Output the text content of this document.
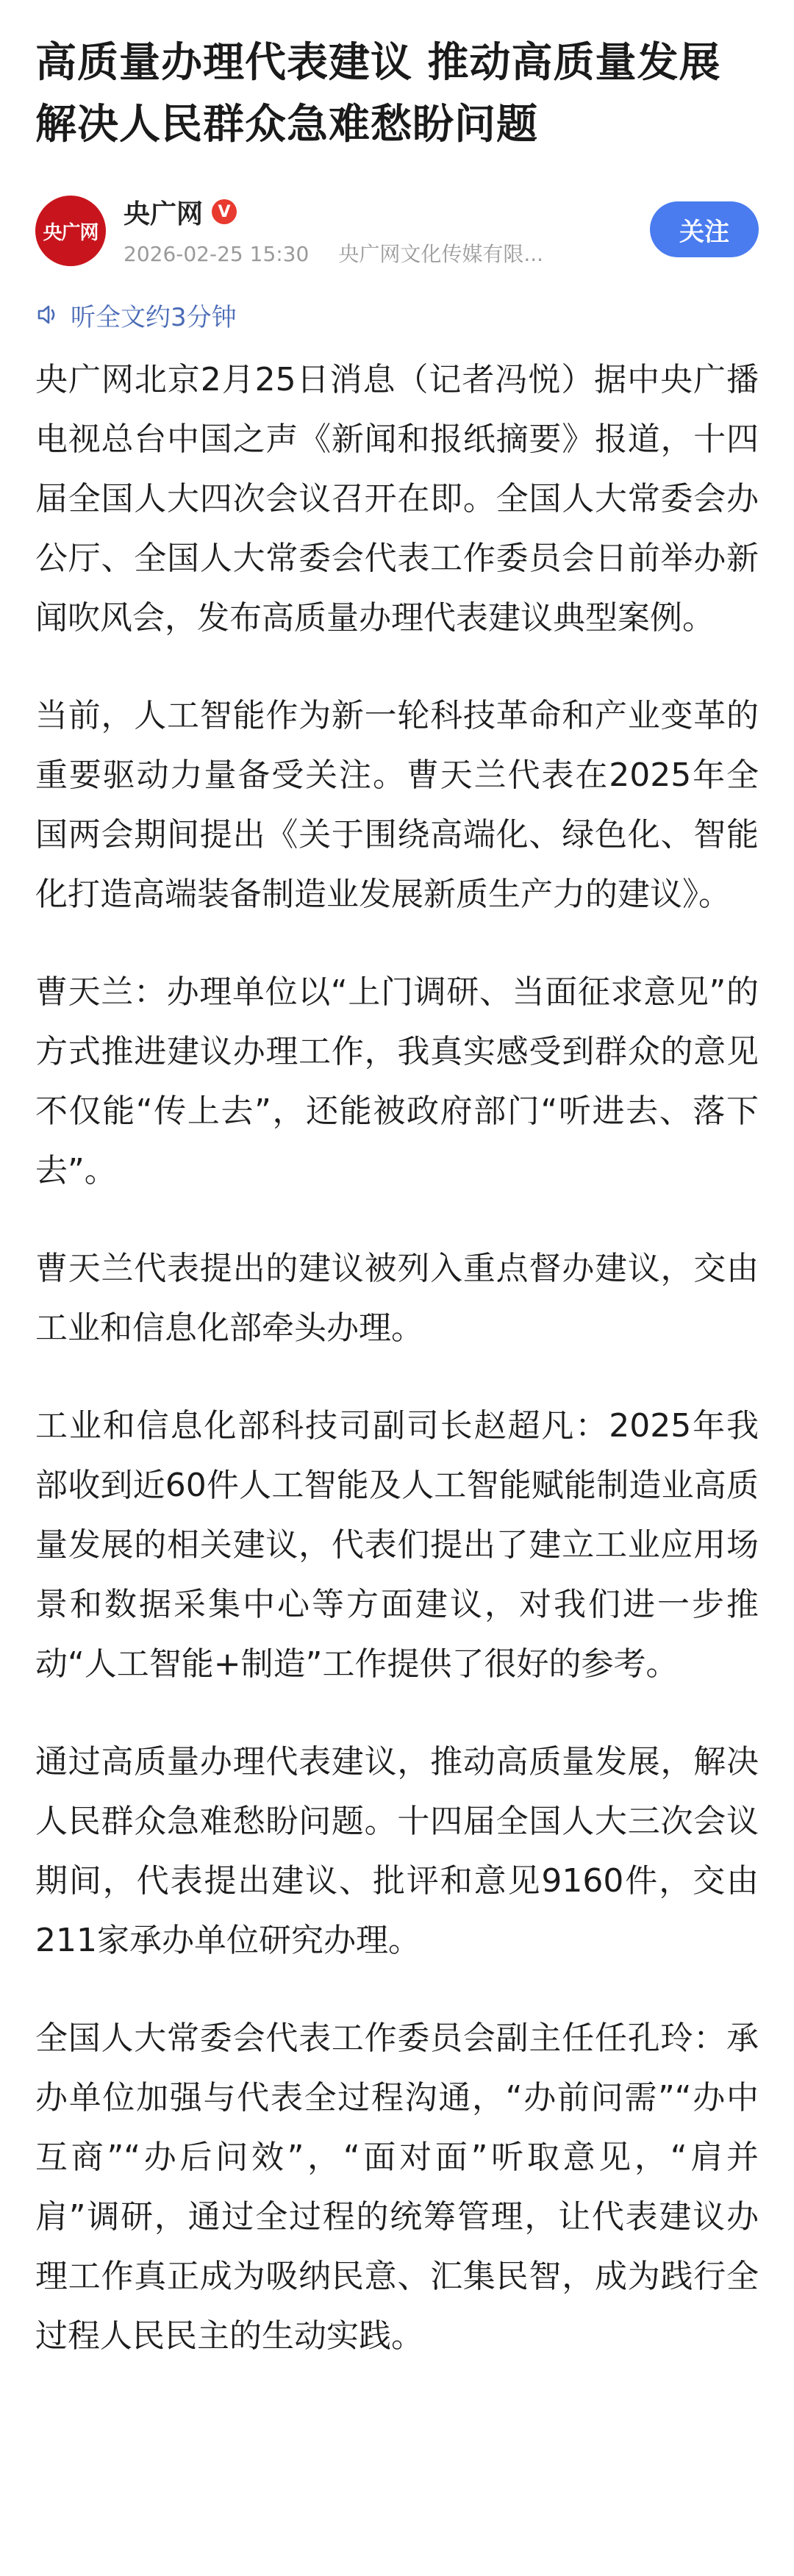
高质量办理代表建议 推动高质量发展解决人民群众急难愁盼问题
央广网
央广网 V
2026-02-25 15:30 央广网文化传媒有限...
关注
听全文约3分钟

央广网北京2月25日消息（记者冯悦）据中央广播电视总台中国之声《新闻和报纸摘要》报道，十四届全国人大四次会议召开在即。全国人大常委会办公厅、全国人大常委会代表工作委员会日前举办新闻吹风会，发布高质量办理代表建议典型案例。

当前，人工智能作为新一轮科技革命和产业变革的重要驱动力量备受关注。曹天兰代表在2025年全国两会期间提出《关于围绕高端化、绿色化、智能化打造高端装备制造业发展新质生产力的建议》。

曹天兰：办理单位以“上门调研、当面征求意见”的方式推进建议办理工作，我真实感受到群众的意见不仅能“传上去”，还能被政府部门“听进去、落下去”。

曹天兰代表提出的建议被列入重点督办建议，交由工业和信息化部牵头办理。

工业和信息化部科技司副司长赵超凡：2025年我部收到近60件人工智能及人工智能赋能制造业高质量发展的相关建议，代表们提出了建立工业应用场景和数据采集中心等方面建议，对我们进一步推动“人工智能+制造”工作提供了很好的参考。

通过高质量办理代表建议，推动高质量发展，解决人民群众急难愁盼问题。十四届全国人大三次会议期间，代表提出建议、批评和意见9160件，交由211家承办单位研究办理。

全国人大常委会代表工作委员会副主任任孔玲：承办单位加强与代表全过程沟通，“办前问需”“办中互商”“办后问效”，“面对面”听取意见，“肩并肩”调研，通过全过程的统筹管理，让代表建议办理工作真正成为吸纳民意、汇集民智，成为践行全过程人民民主的生动实践。
